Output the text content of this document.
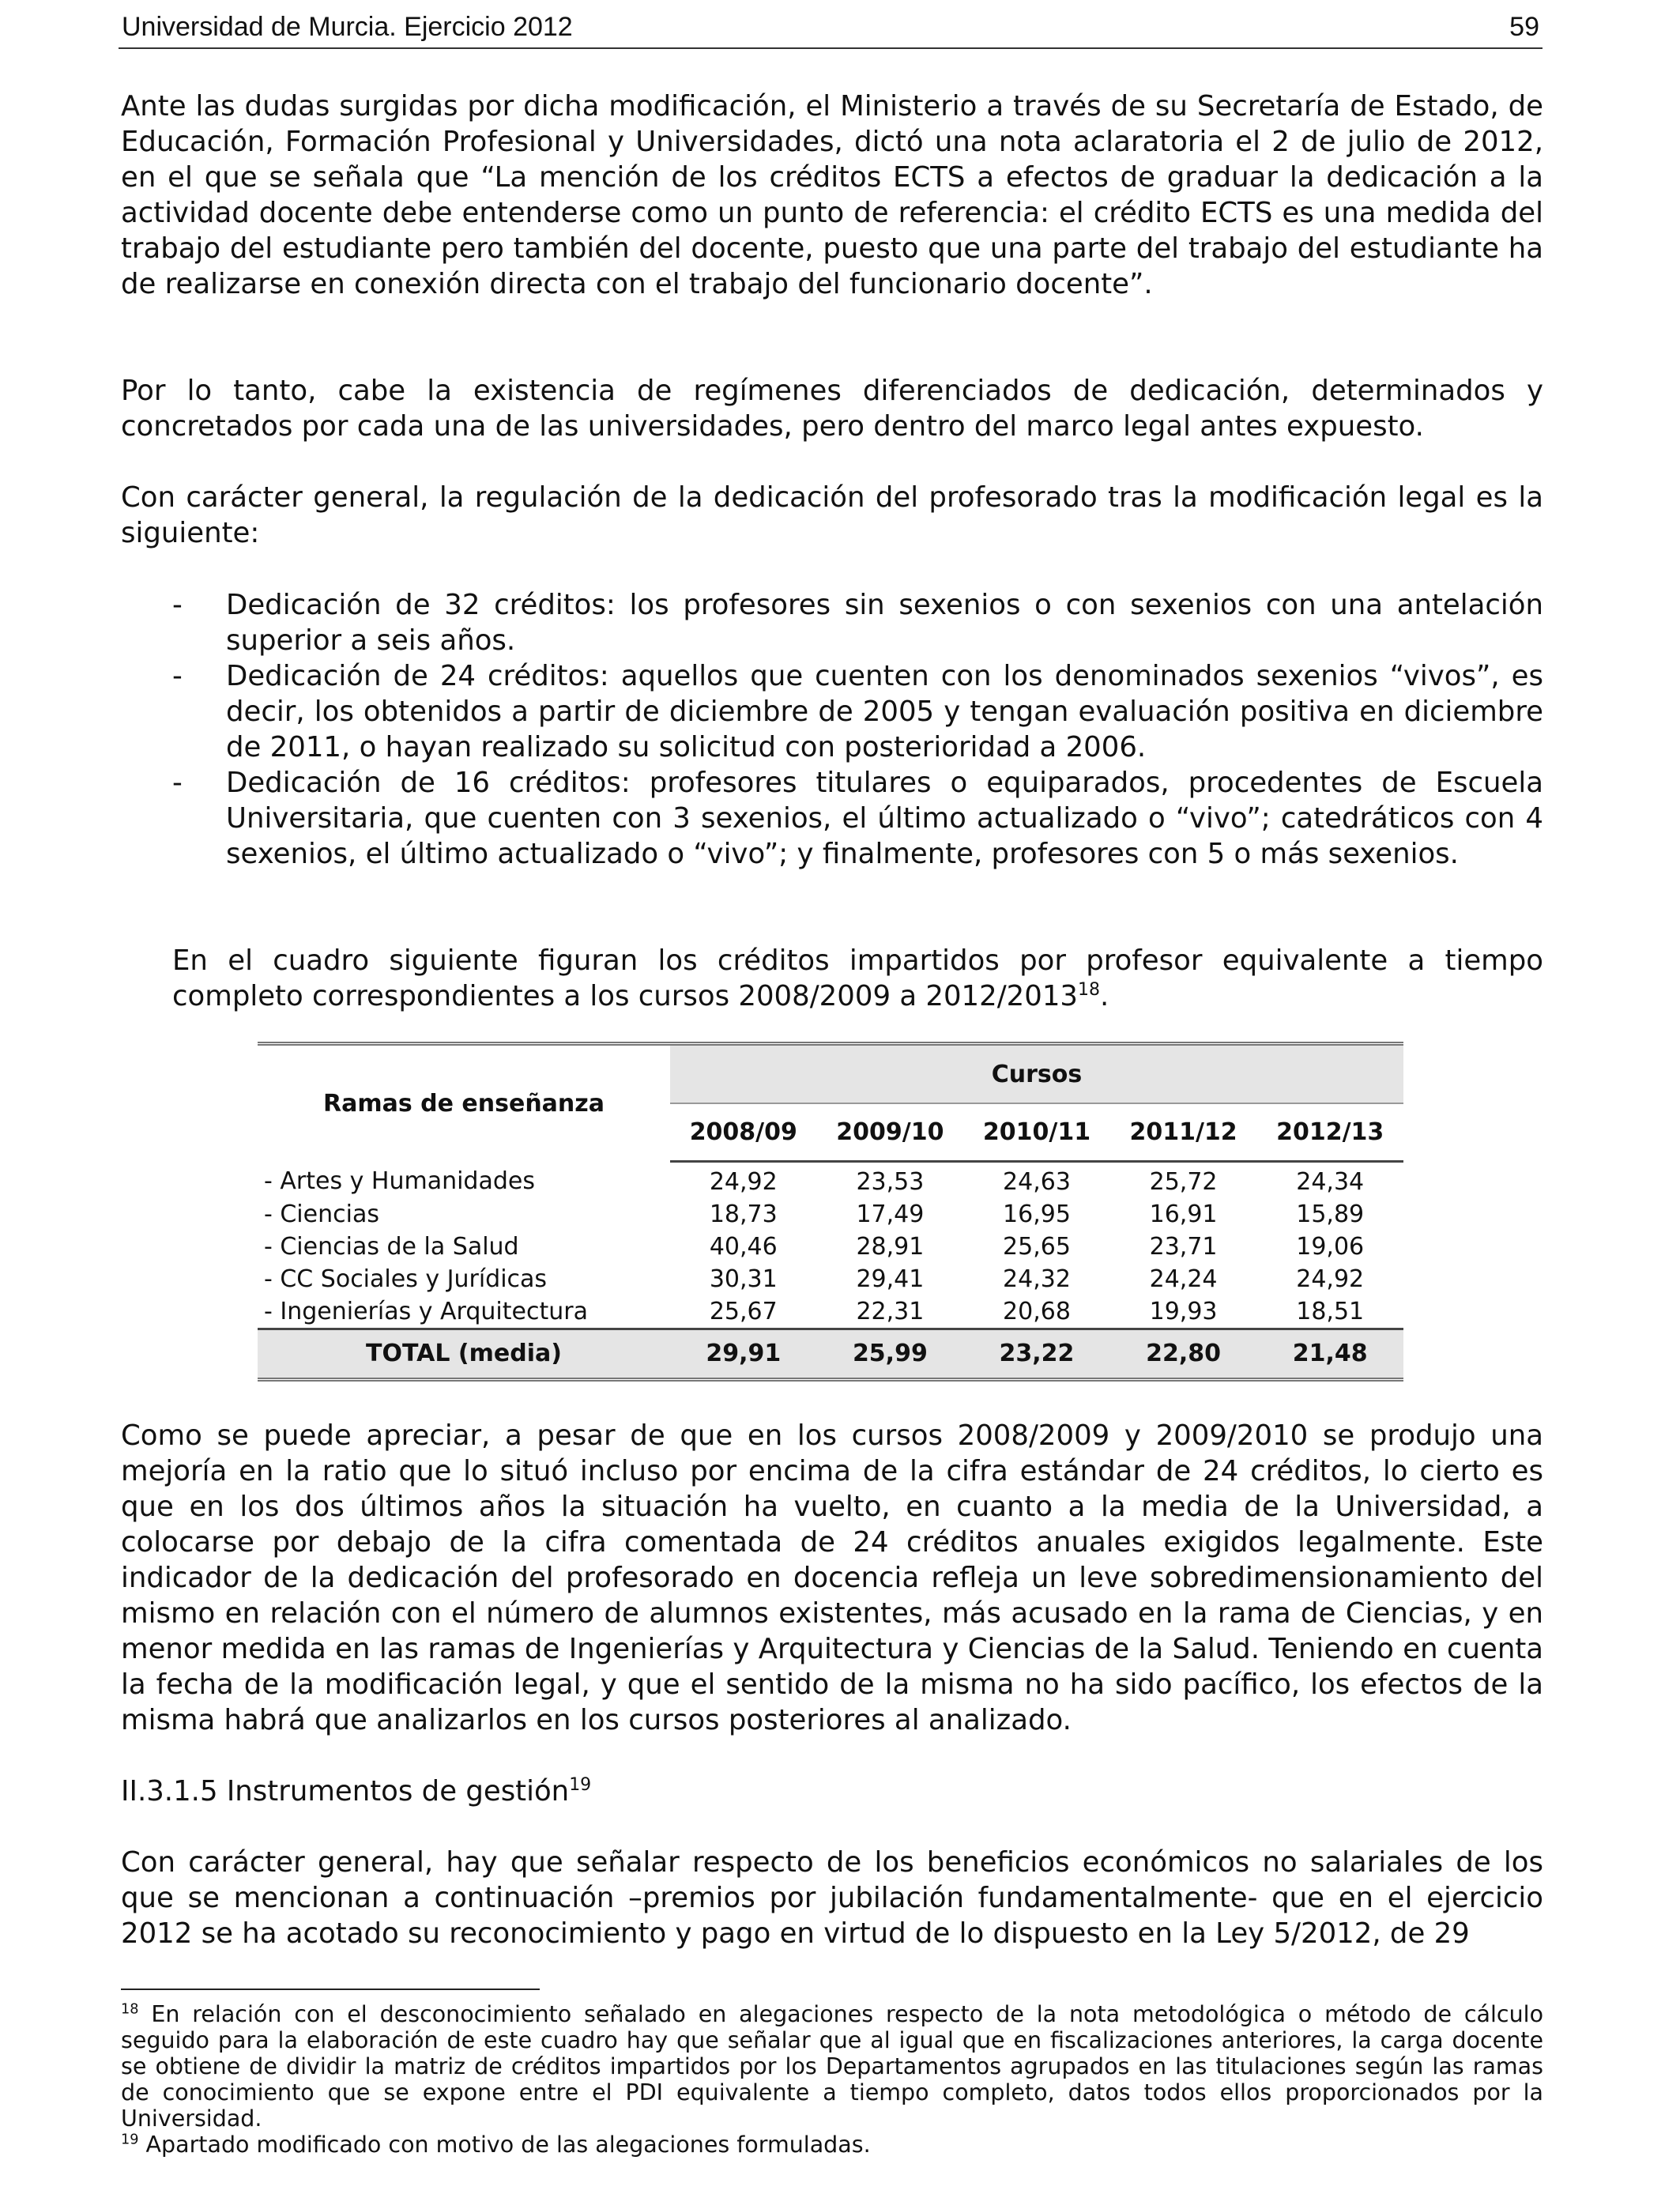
Universidad de Murcia. Ejercicio 2012	59

Ante las dudas surgidas por dicha modificación, el Ministerio a través de su Secretaría de Estado, de Educación, Formación Profesional y Universidades, dictó una nota aclaratoria el 2 de julio de 2012, en el que se señala que “La mención de los créditos ECTS a efectos de graduar la dedicación a la actividad docente debe entenderse como un punto de referencia: el crédito ECTS es una medida del trabajo del estudiante pero también del docente, puesto que una parte del trabajo del estudiante ha de realizarse en conexión directa con el trabajo del funcionario docente”.

Por lo tanto, cabe la existencia de regímenes diferenciados de dedicación, determinados y concretados por cada una de las universidades, pero dentro del marco legal antes expuesto.

Con carácter general, la regulación de la dedicación del profesorado tras la modificación legal es la siguiente:

- Dedicación de 32 créditos: los profesores sin sexenios o con sexenios con una antelación superior a seis años.
- Dedicación de 24 créditos: aquellos que cuenten con los denominados sexenios “vivos”, es decir, los obtenidos a partir de diciembre de 2005 y tengan evaluación positiva en diciembre de 2011, o hayan realizado su solicitud con posterioridad a 2006.
- Dedicación de 16 créditos: profesores titulares o equiparados, procedentes de Escuela Universitaria, que cuenten con 3 sexenios, el último actualizado o “vivo”; catedráticos con 4 sexenios, el último actualizado o “vivo”; y finalmente, profesores con 5 o más sexenios.

En el cuadro siguiente figuran los créditos impartidos por profesor equivalente a tiempo completo correspondientes a los cursos 2008/2009 a 2012/2013$^{18}$.

Ramas de enseñanza	Cursos				
	2008/09	2009/10	2010/11	2011/12	2012/13
- Artes y Humanidades	24,92	23,53	24,63	25,72	24,34
- Ciencias	18,73	17,49	16,95	16,91	15,89
- Ciencias de la Salud	40,46	28,91	25,65	23,71	19,06
- CC Sociales y Jurídicas	30,31	29,41	24,32	24,24	24,92
- Ingenierías y Arquitectura	25,67	22,31	20,68	19,93	18,51
TOTAL (media)	29,91	25,99	23,22	22,80	21,48

Como se puede apreciar, a pesar de que en los cursos 2008/2009 y 2009/2010 se produjo una mejoría en la ratio que lo situó incluso por encima de la cifra estándar de 24 créditos, lo cierto es que en los dos últimos años la situación ha vuelto, en cuanto a la media de la Universidad, a colocarse por debajo de la cifra comentada de 24 créditos anuales exigidos legalmente. Este indicador de la dedicación del profesorado en docencia refleja un leve sobredimensionamiento del mismo en relación con el número de alumnos existentes, más acusado en la rama de Ciencias, y en menor medida en las ramas de Ingenierías y Arquitectura y Ciencias de la Salud. Teniendo en cuenta la fecha de la modificación legal, y que el sentido de la misma no ha sido pacífico, los efectos de la misma habrá que analizarlos en los cursos posteriores al analizado.

II.3.1.5 Instrumentos de gestión$^{19}$

Con carácter general, hay que señalar respecto de los beneficios económicos no salariales de los que se mencionan a continuación –premios por jubilación fundamentalmente- que en el ejercicio 2012 se ha acotado su reconocimiento y pago en virtud de lo dispuesto en la Ley 5/2012, de 29

$^{18}$ En relación con el desconocimiento señalado en alegaciones respecto de la nota metodológica o método de cálculo seguido para la elaboración de este cuadro hay que señalar que al igual que en fiscalizaciones anteriores, la carga docente se obtiene de dividir la matriz de créditos impartidos por los Departamentos agrupados en las titulaciones según las ramas de conocimiento que se expone entre el PDI equivalente a tiempo completo, datos todos ellos proporcionados por la Universidad.

$^{19}$ Apartado modificado con motivo de las alegaciones formuladas.
